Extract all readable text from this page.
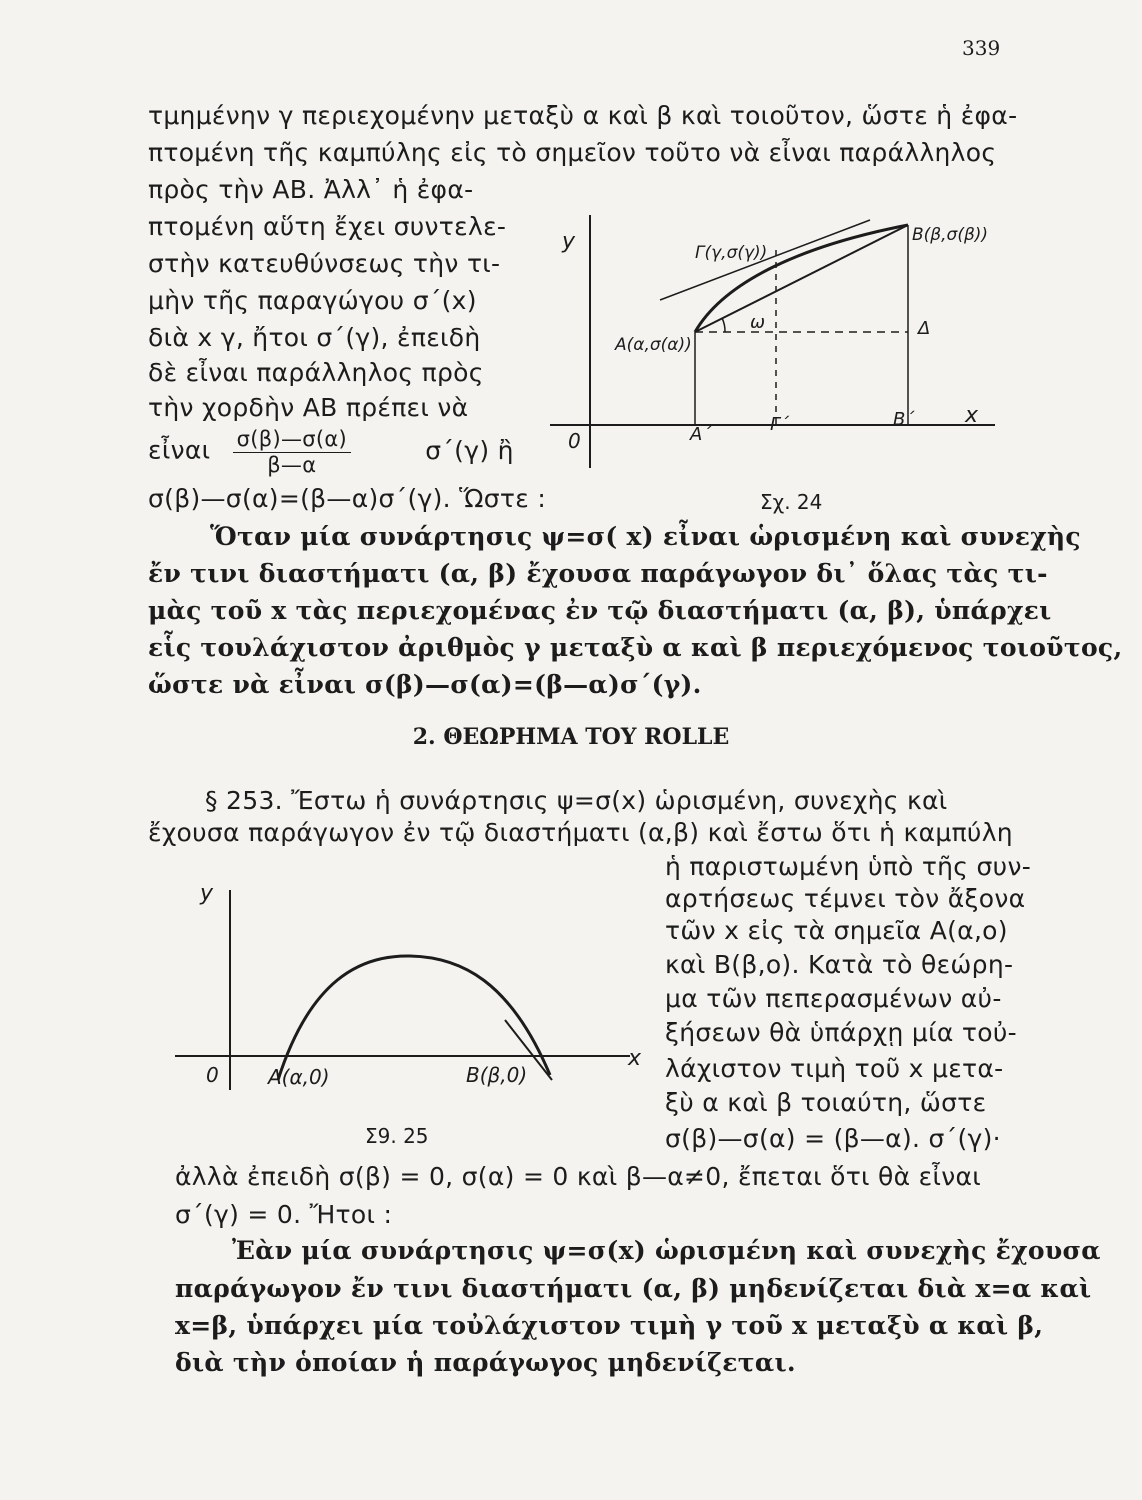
339
τμημένην γ περιεχομένην μεταξὺ α καὶ β καὶ τοιοῦτον, ὥστε ἡ ἐφα-
πτομένη τῆς καμπύλης εἰς τὸ σημεῖον τοῦτο νὰ εἶναι παράλληλος
πρὸς τὴν ΑΒ. Ἀλλ᾽ ἡ ἐφα-
πτομένη αὕτη ἔχει συντελε-
στὴν κατευθύνσεως τὴν τι-
μὴν τῆς παραγώγου σ΄(x)
διὰ x γ, ἤτοι σ΄(γ), ἐπειδὴ
δὲ εἶναι παράλληλος πρὸς
τὴν χορδὴν ΑΒ πρέπει νὰ
εἶναι $\frac{\sigma(\beta)—\sigma(\alpha)}{\beta—\alpha}$	σ΄(γ) ἢ
σ(β)—σ(α)=(β—α)σ΄(γ). Ὥστε :
y
x
0
B(β,σ(β))
Γ(γ,σ(γ))
A(α,σ(α))
Δ
ω
A΄	Γ΄	B΄
Σχ. 24
Ὅταν μία συνάρτησις ψ=σ( x) εἶναι ὡρισμένη καὶ συνεχὴς
ἔν τινι διαστήματι (α, β) ἔχουσα παράγωγον δι᾽ ὅλας τὰς τι-
μὰς τοῦ x τὰς περιεχομένας ἐν τῷ διαστήματι (α, β), ὑπάρχει
εἷς τουλάχιστον ἀριθμὸς γ μεταξὺ α καὶ β περιεχόμενος τοιοῦτος,
ὥστε νὰ εἶναι σ(β)—σ(α)=(β—α)σ΄(γ).
2. ΘΕΩΡΗΜΑ ΤΟΥ ROLLE
§ 253. Ἔστω ἡ συνάρτησις ψ=σ(x) ὡρισμένη, συνεχὴς καὶ
ἔχουσα παράγωγον ἐν τῷ διαστήματι (α,β) καὶ ἔστω ὅτι ἡ καμπύλη
ἡ παριστωμένη ὑπὸ τῆς συν-
αρτήσεως τέμνει τὸν ἄξονα
τῶν x εἰς τὰ σημεῖα Α(α,ο)
καὶ Β(β,ο). Κατὰ τὸ θεώρη-
μα τῶν πεπερασμένων αὐ-
ξήσεων θὰ ὑπάρχῃ μία τοὐ-
λάχιστον τιμὴ τοῦ x μετα-
ξὺ α καὶ β τοιαύτη, ὥστε
σ(β)—σ(α) = (β—α). σ΄(γ)·
ἀλλὰ ἐπειδὴ σ(β) = 0, σ(α) = 0 καὶ β—α≠0, ἔπεται ὅτι θὰ εἶναι
σ΄(γ) = 0. Ἤτοι :
y
x
0 A(α,0)	B(β,0)
Σ9. 25
Ἐὰν μία συνάρτησις ψ=σ(x) ὡρισμένη καὶ συνεχὴς ἔχουσα
παράγωγον ἔν τινι διαστήματι (α, β) μηδενίζεται διὰ x=α καὶ
x=β, ὑπάρχει μία τοὐλάχιστον τιμὴ γ τοῦ x μεταξὺ α καὶ β,
διὰ τὴν ὁποίαν ἡ παράγωγος μηδενίζεται.
